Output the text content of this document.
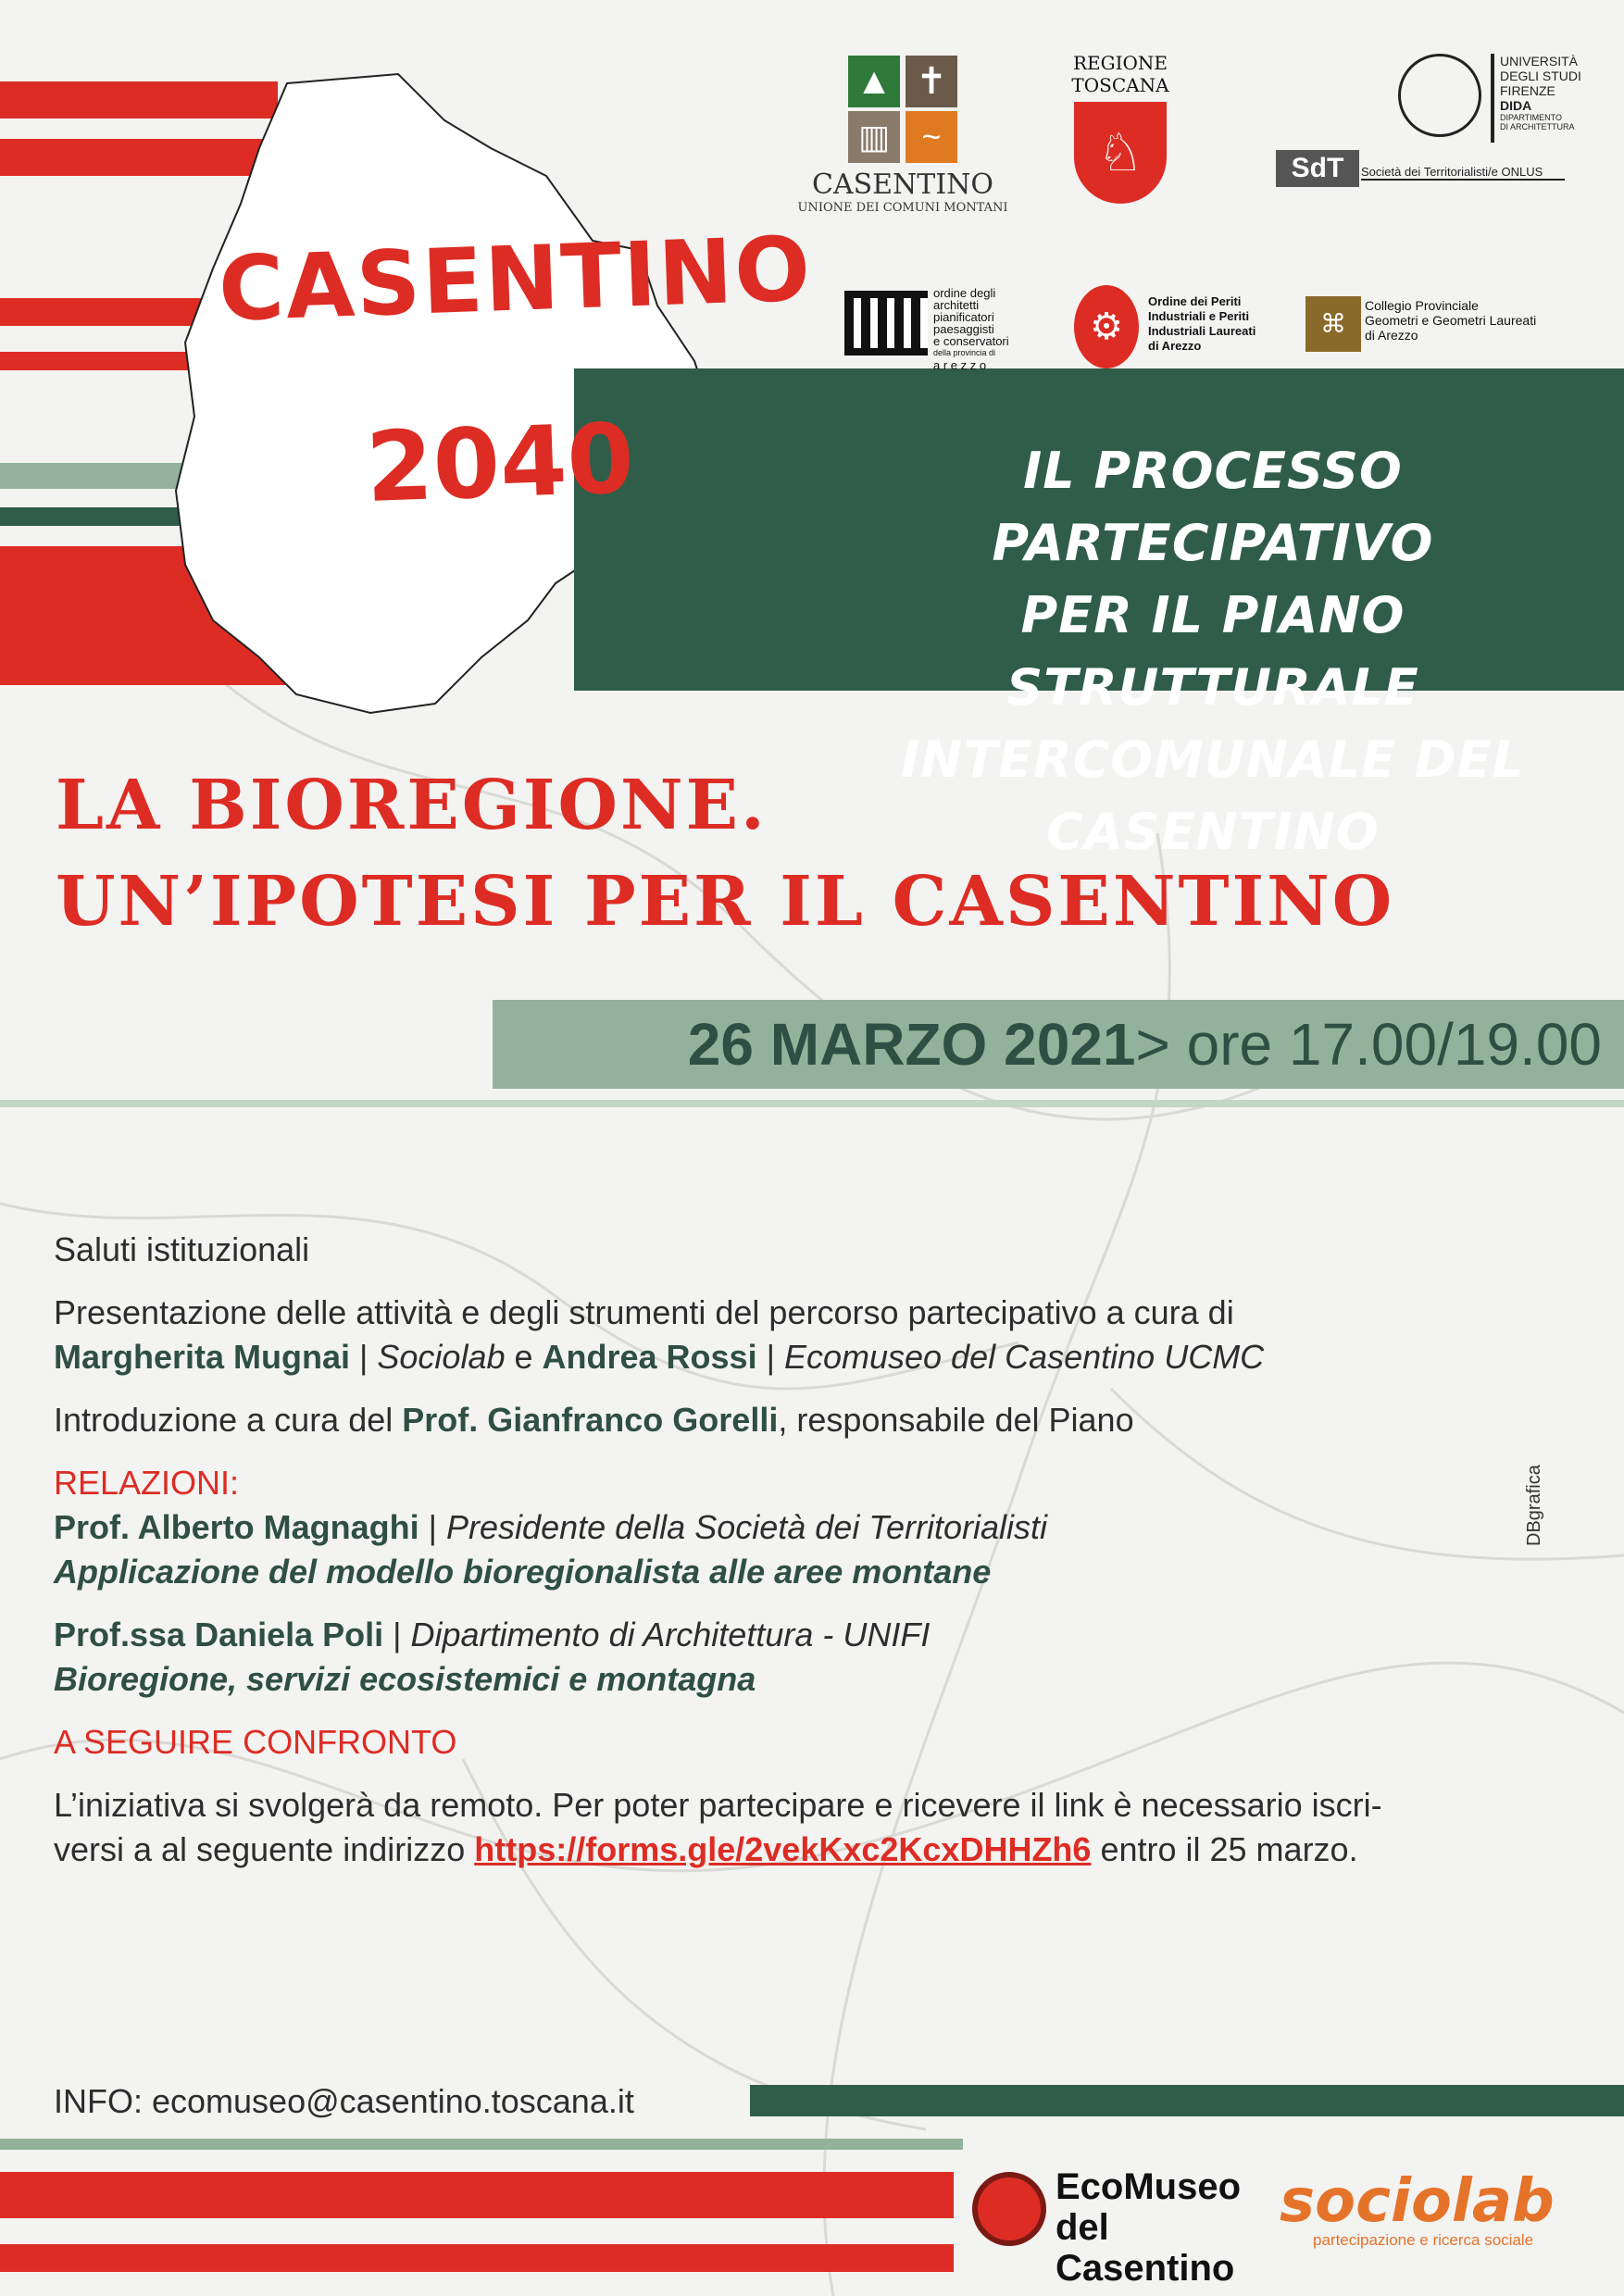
CASENTINO
2040	IL PROCESSO PARTECIPATIVO
PER IL PIANO STRUTTURALE
INTERCOMUNALE DEL CASENTINO
▲ ✝
▥ ~
CASENTINO
UNIONE DEI COMUNI MONTANI
REGIONE
TOSCANA
♘
UNIVERSITÀ
DEGLI STUDI
FIRENZE
DIDA
DIPARTIMENTO
DI ARCHITETTURA
SdT	Società dei Territorialisti/e ONLUS
ordine degli
architetti
pianificatori
paesaggisti
e conservatori
della provincia di
a r e z z o
⚙
Ordine dei Periti
Industriali e Periti
Industriali Laureati
di Arezzo
⌘
Collegio Provinciale
Geometri e Geometri Laureati
di Arezzo
LA BIOREGIONE.
UN’IPOTESI PER IL CASENTINO
26 MARZO 2021> ore 17.00/19.00

Saluti istituzionali

Presentazione delle attività e degli strumenti del percorso partecipativo a cura di
Margherita Mugnai | Sociolab e Andrea Rossi | Ecomuseo del Casentino UCMC

Introduzione a cura del Prof. Gianfranco Gorelli, responsabile del Piano

RELAZIONI:
Prof. Alberto Magnaghi | Presidente della Società dei Territorialisti
Applicazione del modello bioregionalista alle aree montane

Prof.ssa Daniela Poli | Dipartimento di Architettura - UNIFI
Bioregione, servizi ecosistemici e montagna

A SEGUIRE CONFRONTO

L’iniziativa si svolgerà da remoto. Per poter partecipare e ricevere il link è necessario iscri-
versi a al seguente indirizzo https://forms.gle/2vekKxc2KcxDHHZh6 entro il 25 marzo.

DBgrafica
INFO: ecomuseo@casentino.toscana.it
EcoMuseo
del Casentino
sociolab
partecipazione e ricerca sociale
